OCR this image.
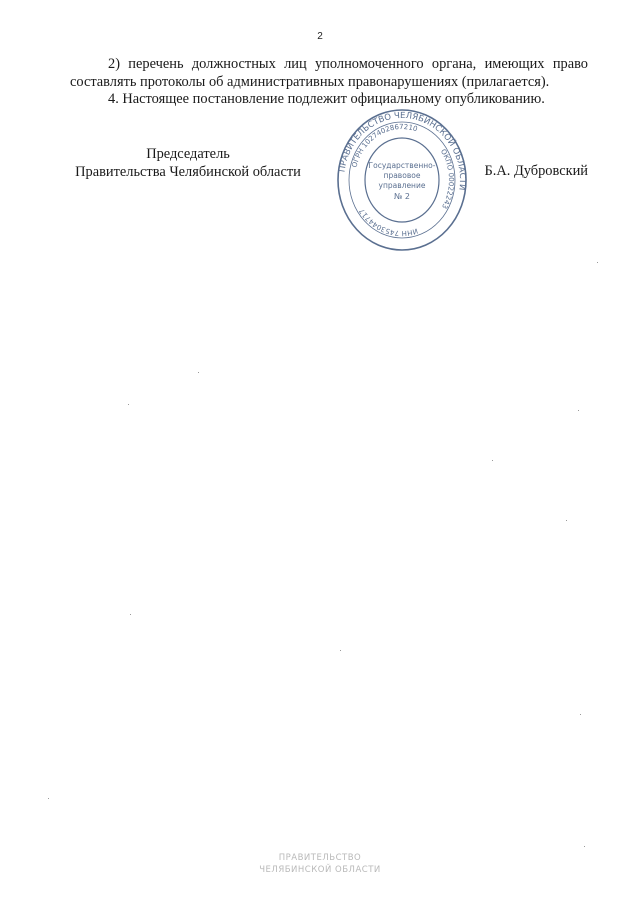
2

2) перечень должностных лиц уполномоченного органа, имеющих право составлять протоколы об административных правонарушениях (прилагается).

4. Настоящее постановление подлежит официальному опубликованию.

Председатель
Правительства Челябинской области	Б.А. Дубровский
ПРАВИТЕЛЬСТВО ЧЕЛЯБИНСКОЙ ОБЛАСТИ
ОГРН 1027402867210
ОКПО 00022243
ИНН 7453044717
Государственно-
правовое
управление
№ 2
ПРАВИТЕЛЬСТВО
ЧЕЛЯБИНСКОЙ ОБЛАСТИ
